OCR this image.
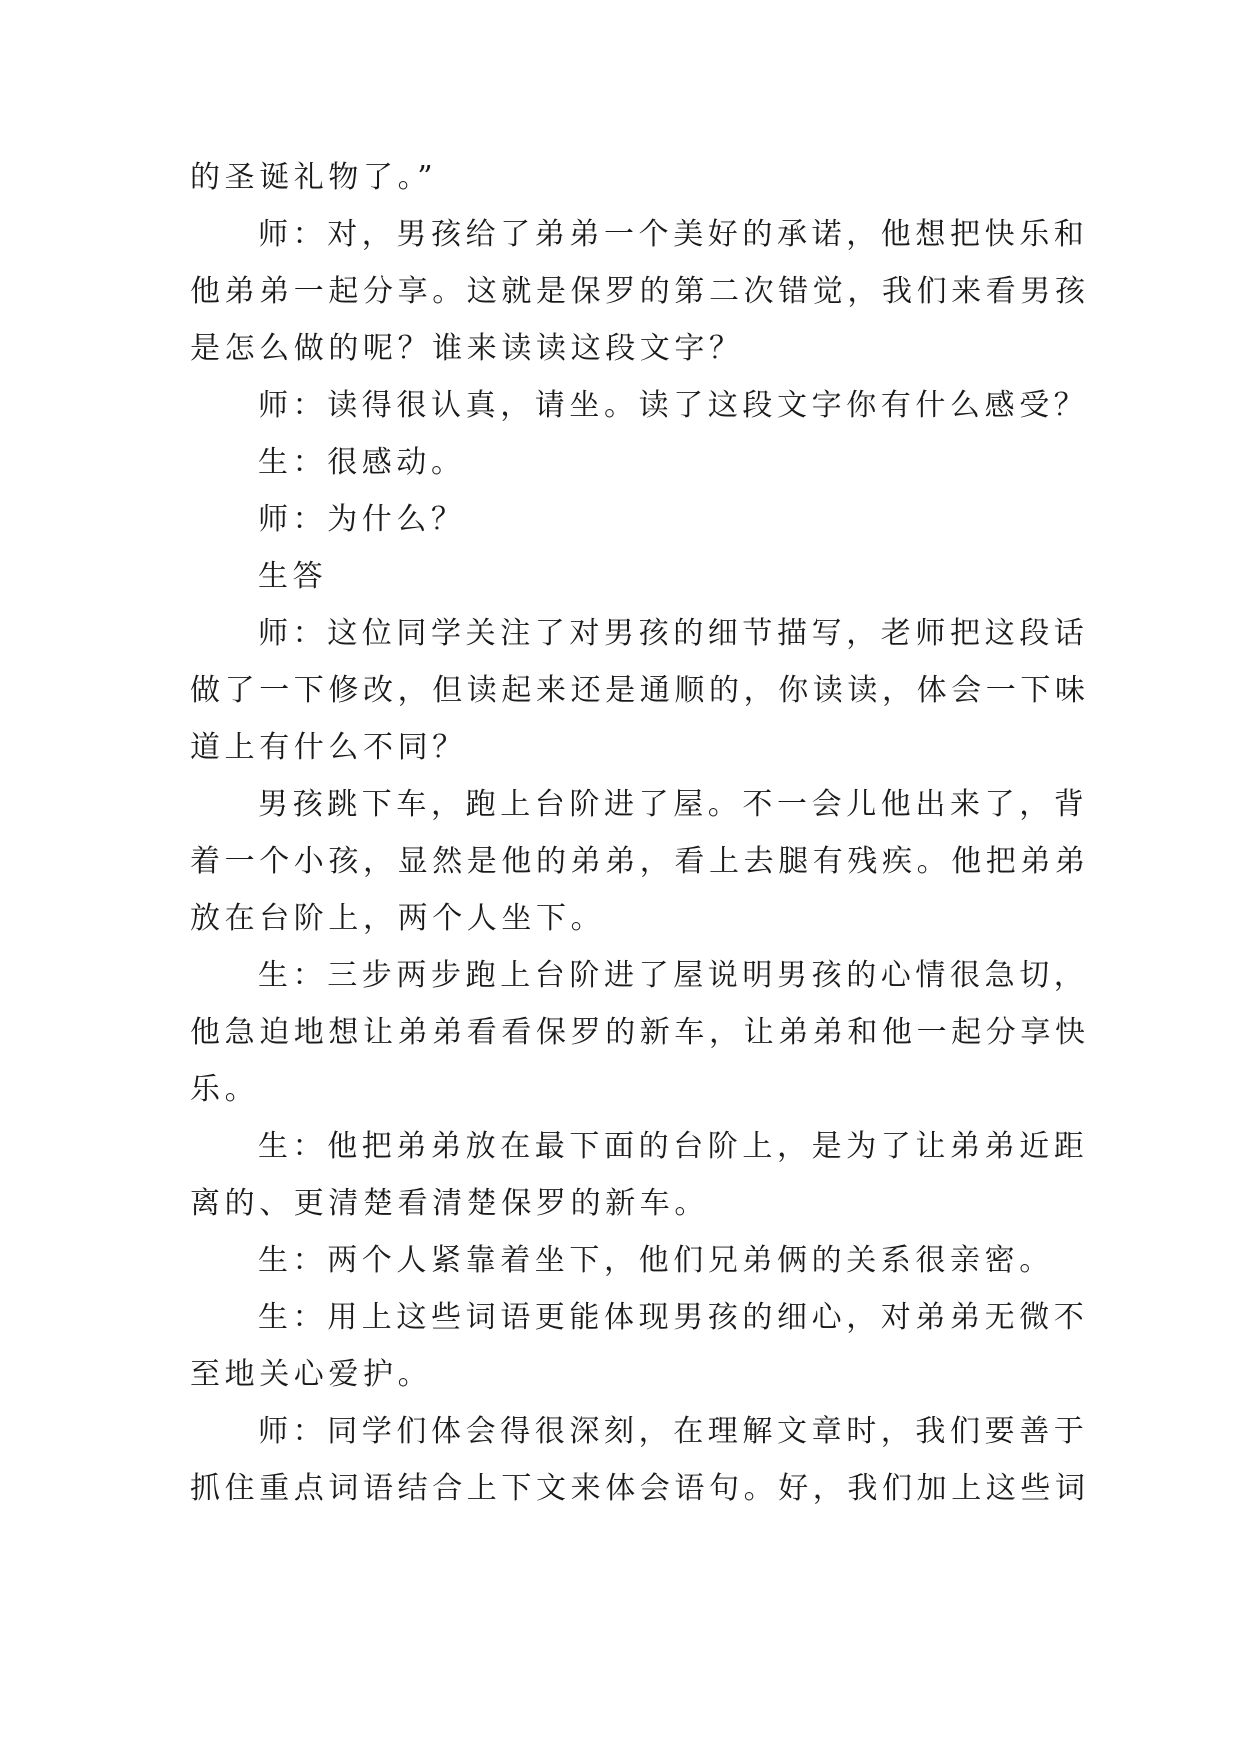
的圣诞礼物了。”
师：对，男孩给了弟弟一个美好的承诺，他想把快乐和
他弟弟一起分享。这就是保罗的第二次错觉，我们来看男孩
是怎么做的呢？谁来读读这段文字？
师：读得很认真，请坐。读了这段文字你有什么感受？
生：很感动。
师：为什么？
生答
师：这位同学关注了对男孩的细节描写，老师把这段话
做了一下修改，但读起来还是通顺的，你读读，体会一下味
道上有什么不同？
男孩跳下车，跑上台阶进了屋。不一会儿他出来了，背
着一个小孩，显然是他的弟弟，看上去腿有残疾。他把弟弟
放在台阶上，两个人坐下。
生：三步两步跑上台阶进了屋说明男孩的心情很急切，
他急迫地想让弟弟看看保罗的新车，让弟弟和他一起分享快
乐。
生：他把弟弟放在最下面的台阶上，是为了让弟弟近距
离的、更清楚看清楚保罗的新车。
生：两个人紧靠着坐下，他们兄弟俩的关系很亲密。
生：用上这些词语更能体现男孩的细心，对弟弟无微不
至地关心爱护。
师：同学们体会得很深刻，在理解文章时，我们要善于
抓住重点词语结合上下文来体会语句。好，我们加上这些词
